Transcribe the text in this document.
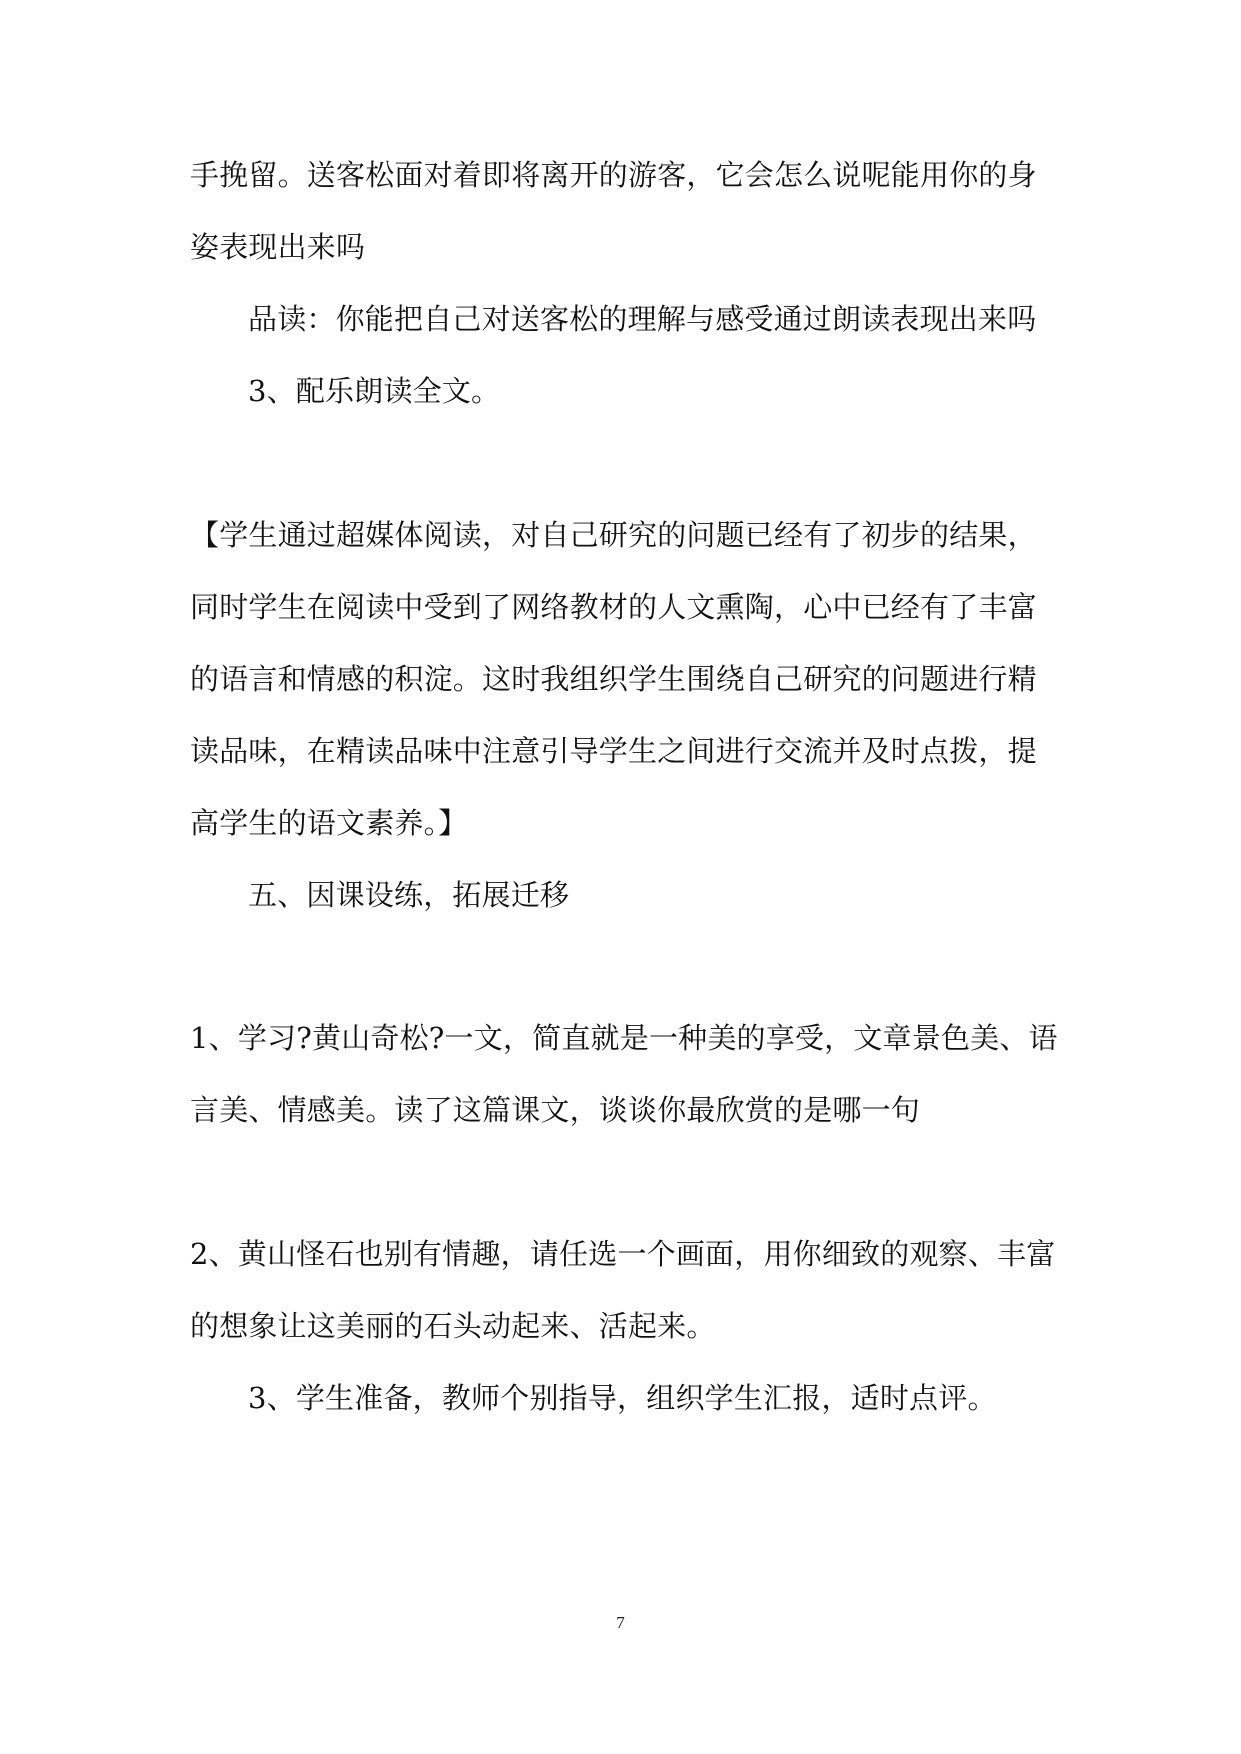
手挽留。送客松面对着即将离开的游客，它会怎么说呢能用你的身
姿表现出来吗
品读：你能把自己对送客松的理解与感受通过朗读表现出来吗
3、配乐朗读全文。
【学生通过超媒体阅读，对自己研究的问题已经有了初步的结果，
同时学生在阅读中受到了网络教材的人文熏陶，心中已经有了丰富
的语言和情感的积淀。这时我组织学生围绕自己研究的问题进行精
读品味，在精读品味中注意引导学生之间进行交流并及时点拨，提
高学生的语文素养。】
五、因课设练，拓展迁移
1、学习?黄山奇松?一文，简直就是一种美的享受，文章景色美、语
言美、情感美。读了这篇课文，谈谈你最欣赏的是哪一句
2、黄山怪石也别有情趣，请任选一个画面，用你细致的观察、丰富
的想象让这美丽的石头动起来、活起来。
3、学生准备，教师个别指导，组织学生汇报，适时点评。
7
